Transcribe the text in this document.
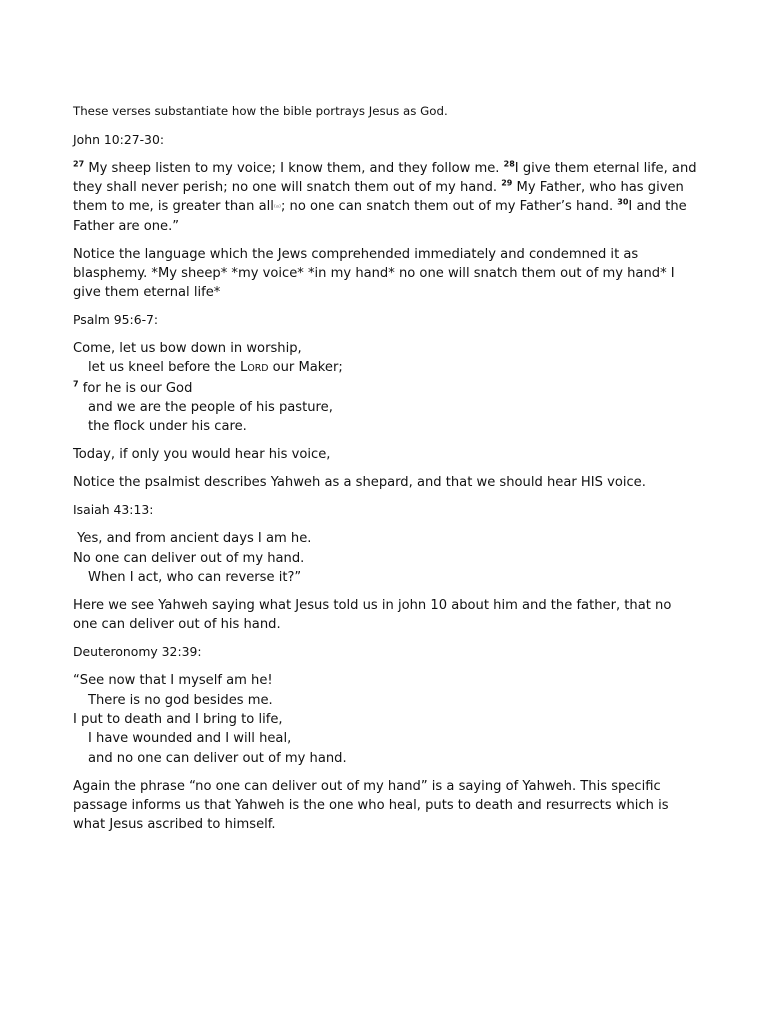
These verses substantiate how the bible portrays Jesus as God.

John 10:27-30:

$^{27}$ My sheep listen to my voice; I know them, and they follow me. $^{28}$I give them eternal life, and they shall never perish; no one will snatch them out of my hand. $^{29}$ My Father, who has given them to me, is greater than all⁽ᵃ⁾; no one can snatch them out of my Father’s hand. $^{30}$I and the Father are one.”

Notice the language which the Jews comprehended immediately and condemned it as blasphemy. *My sheep* *my voice* *in my hand* no one will snatch them out of my hand* I give them eternal life*

Psalm 95:6-7:

Come, let us bow down in worship,
let us kneel before the LORD our Maker;
$^7$ for he is our God
and we are the people of his pasture,
the flock under his care.

Today, if only you would hear his voice,

Notice the psalmist describes Yahweh as a shepard, and that we should hear HIS voice.

Isaiah 43:13:

Yes, and from ancient days I am he.
No one can deliver out of my hand.
When I act, who can reverse it?”

Here we see Yahweh saying what Jesus told us in john 10 about him and the father, that no one can deliver out of his hand.

Deuteronomy 32:39:

“See now that I myself am he!
There is no god besides me.
I put to death and I bring to life,
I have wounded and I will heal,
and no one can deliver out of my hand.

Again the phrase “no one can deliver out of my hand” is a saying of Yahweh. This specific passage informs us that Yahweh is the one who heal, puts to death and resurrects which is what Jesus ascribed to himself.
